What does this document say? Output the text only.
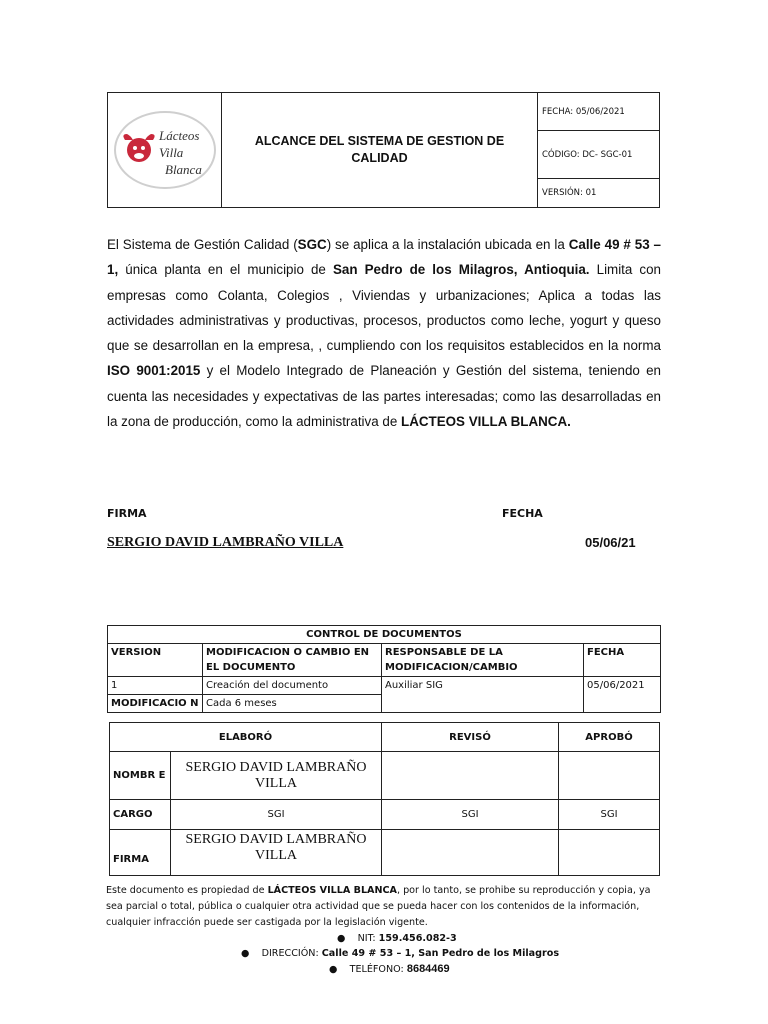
Lácteos
Villa
Blanca
	ALCANCE DEL SISTEMA DE GESTION DE CALIDAD	FECHA: 05/06/2021
CÓDIGO: DC- SGC-01
VERSIÓN: 01
El Sistema de Gestión Calidad (SGC) se aplica a la instalación ubicada en la Calle 49 # 53 –1, única planta en el municipio de San Pedro de los Milagros, Antioquia. Limita con empresas como Colanta, Colegios , Viviendas y urbanizaciones; Aplica a todas las actividades administrativas y productivas, procesos, productos como leche, yogurt y queso que se desarrollan en la empresa, , cumpliendo con los requisitos establecidos en la norma ISO 9001:2015 y el Modelo Integrado de Planeación y Gestión del sistema, teniendo en cuenta las necesidades y expectativas de las partes interesadas; como las desarrolladas en la zona de producción, como la administrativa de LÁCTEOS VILLA BLANCA.
FIRMA	FECHA
SERGIO DAVID LAMBRAÑO VILLA	05/06/21
CONTROL DE DOCUMENTOS			
VERSION	MODIFICACION O CAMBIO EN EL DOCUMENTO	RESPONSABLE DE LA MODIFICACION/CAMBIO	FECHA
1	Creación del documento	Auxiliar SIG	05/06/2021
MODIFICACIO N	Cada 6 meses		
ELABORÓ		REVISÓ	APROBÓ
NOMBR E	SERGIO DAVID LAMBRAÑO VILLA		
CARGO	SGI	SGI	SGI
FIRMA	SERGIO DAVID LAMBRAÑO VILLA		
Este documento es propiedad de LÁCTEOS VILLA BLANCA, por lo tanto, se prohibe su reproducción y copia, ya sea parcial o total, pública o cualquier otra actividad que se pueda hacer con los contenidos de la información, cualquier infracción puede ser castigada por la legislación vigente.
●    NIT: 159.456.082-3
●    DIRECCIÓN: Calle 49 # 53 – 1, San Pedro de los Milagros
●    TELÉFONO: 8684469
